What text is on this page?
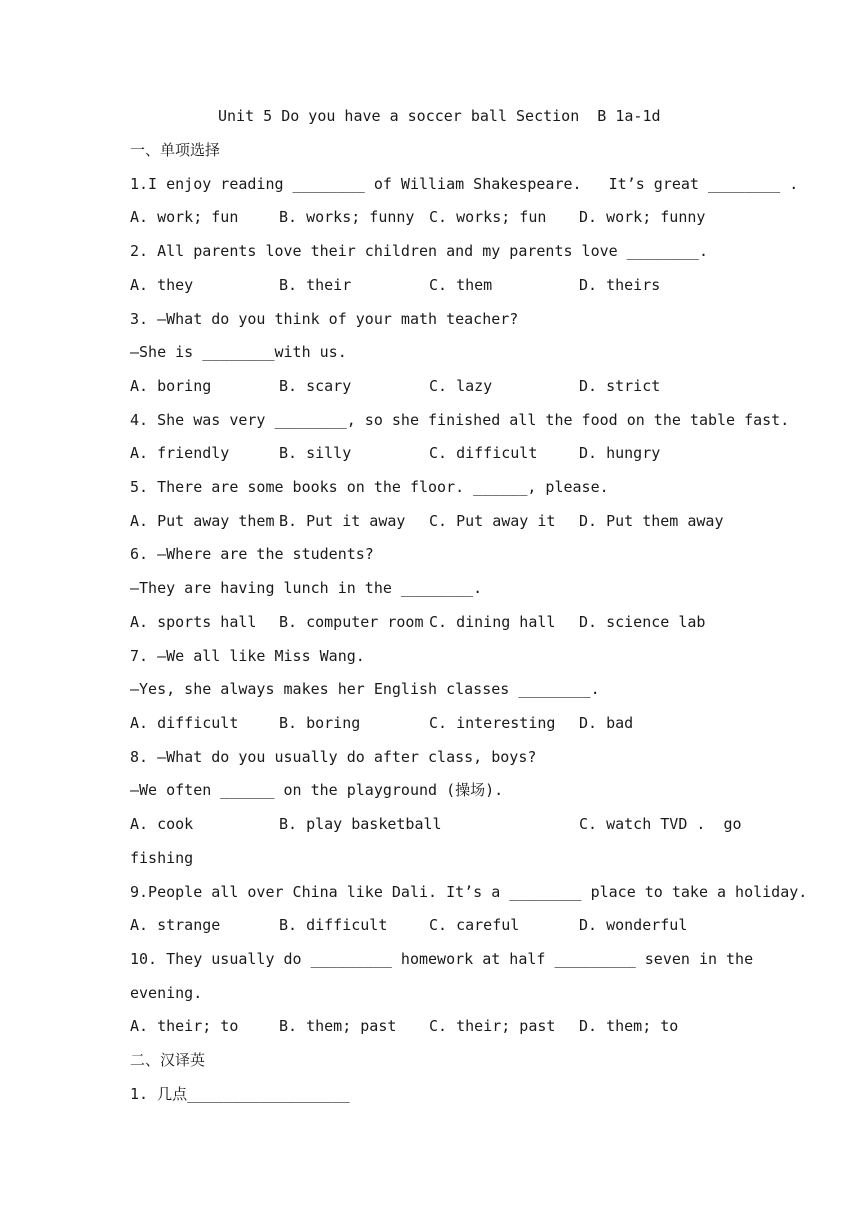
Unit 5 Do you have a soccer ball Section  B 1a-1d
一、单项选择
1.I enjoy reading ________ of William Shakespeare.   It’s great ________ .
A. work; fun	B. works; funny C. works; fun D. work; funny
2. All parents love their children and my parents love ________.
A. they	B. their	C. them	D. theirs
3. —What do you think of your math teacher?
—She is ________with us.
A. boring	B. scary	C. lazy	D. strict
4. She was very ________, so she finished all the food on the table fast.
A. friendly	B. silly	C. difficult	D. hungry
5. There are some books on the floor. ______, please.
A. Put away them B. Put it away C. Put away it D. Put them away
6. —Where are the students?
—They are having lunch in the ________.
A. sports hall B. computer room C. dining hall D. science lab
7. —We all like Miss Wang.
—Yes, she always makes her English classes ________.
A. difficult	B. boring	C. interesting D. bad
8. —What do you usually do after class, boys?
—We often ______ on the playground (操场).
A. cook	B. play basketball	C. watch TVD .  go
fishing
9.People all over China like Dali. It’s a ________ place to take a holiday.
A. strange	B. difficult	C. careful	D. wonderful
10. They usually do _________ homework at half _________ seven in the
evening.
A. their; to	B. them; past C. their; past D. them; to
二、汉译英
1. 几点__________________
